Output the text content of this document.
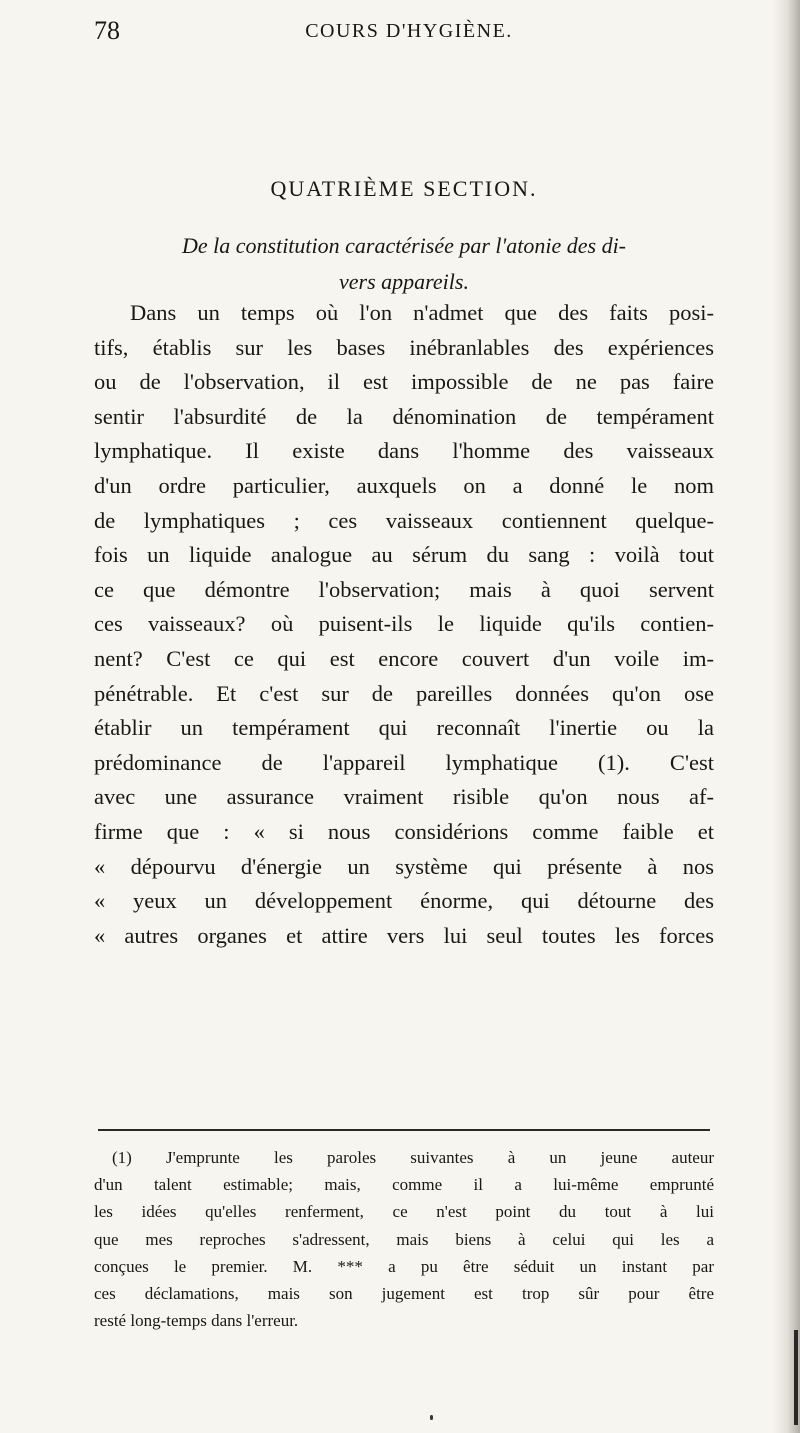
78	COURS D'HYGIÈNE.
QUATRIÈME SECTION.
De la constitution caractérisée par l'atonie des di-
vers appareils.
Dans un temps où l'on n'admet que des faits posi-
tifs, établis sur les bases inébranlables des expériences
ou de l'observation, il est impossible de ne pas faire
sentir l'absurdité de la dénomination de tempérament
lymphatique. Il existe dans l'homme des vaisseaux
d'un ordre particulier, auxquels on a donné le nom
de lymphatiques ; ces vaisseaux contiennent quelque-
fois un liquide analogue au sérum du sang : voilà tout
ce que démontre l'observation; mais à quoi servent
ces vaisseaux? où puisent-ils le liquide qu'ils contien-
nent? C'est ce qui est encore couvert d'un voile im-
pénétrable. Et c'est sur de pareilles données qu'on ose
établir un tempérament qui reconnaît l'inertie ou la
prédominance de l'appareil lymphatique (1). C'est
avec une assurance vraiment risible qu'on nous af-
firme que : « si nous considérions comme faible et
« dépourvu d'énergie un système qui présente à nos
« yeux un développement énorme, qui détourne des
« autres organes et attire vers lui seul toutes les forces
(1) J'emprunte les paroles suivantes à un jeune auteur
d'un talent estimable; mais, comme il a lui-même emprunté
les idées qu'elles renferment, ce n'est point du tout à lui
que mes reproches s'adressent, mais biens à celui qui les a
conçues le premier. M. *** a pu être séduit un instant par
ces déclamations, mais son jugement est trop sûr pour être
resté long-temps dans l'erreur.
